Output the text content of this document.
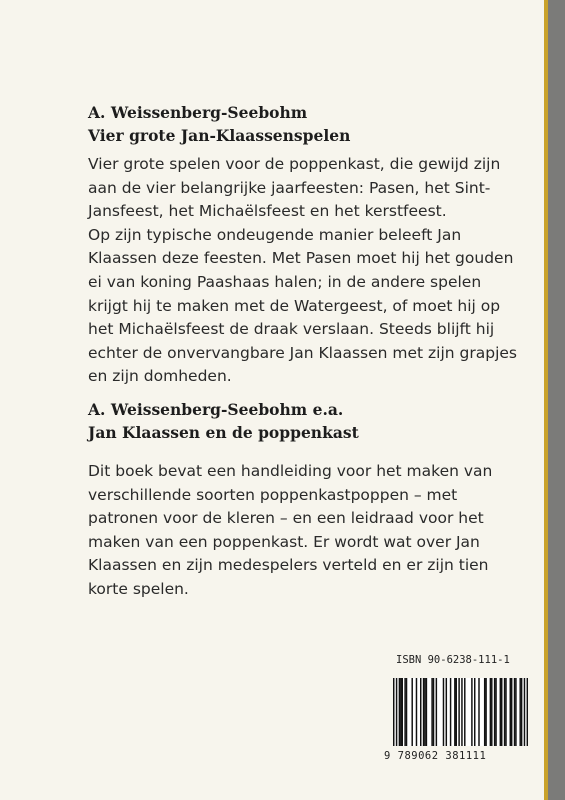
A. Weissenberg-Seebohm
Vier grote Jan-Klaassenspelen
Vier grote spelen voor de poppenkast, die gewijd zijn
aan de vier belangrijke jaarfeesten: Pasen, het Sint-
Jansfeest, het Michaëlsfeest en het kerstfeest.
Op zijn typische ondeugende manier beleeft Jan
Klaassen deze feesten. Met Pasen moet hij het gouden
ei van koning Paashaas halen; in de andere spelen
krijgt hij te maken met de Watergeest, of moet hij op
het Michaëlsfeest de draak verslaan. Steeds blijft hij
echter de onvervangbare Jan Klaassen met zijn grapjes
en zijn domheden.
A. Weissenberg-Seebohm e.a.
Jan Klaassen en de poppenkast
Dit boek bevat een handleiding voor het maken van
verschillende soorten poppenkastpoppen – met
patronen voor de kleren – en een leidraad voor het
maken van een poppenkast. Er wordt wat over Jan
Klaassen en zijn medespelers verteld en er zijn tien
korte spelen.
ISBN 90-6238-111-1
9 789062 381111
